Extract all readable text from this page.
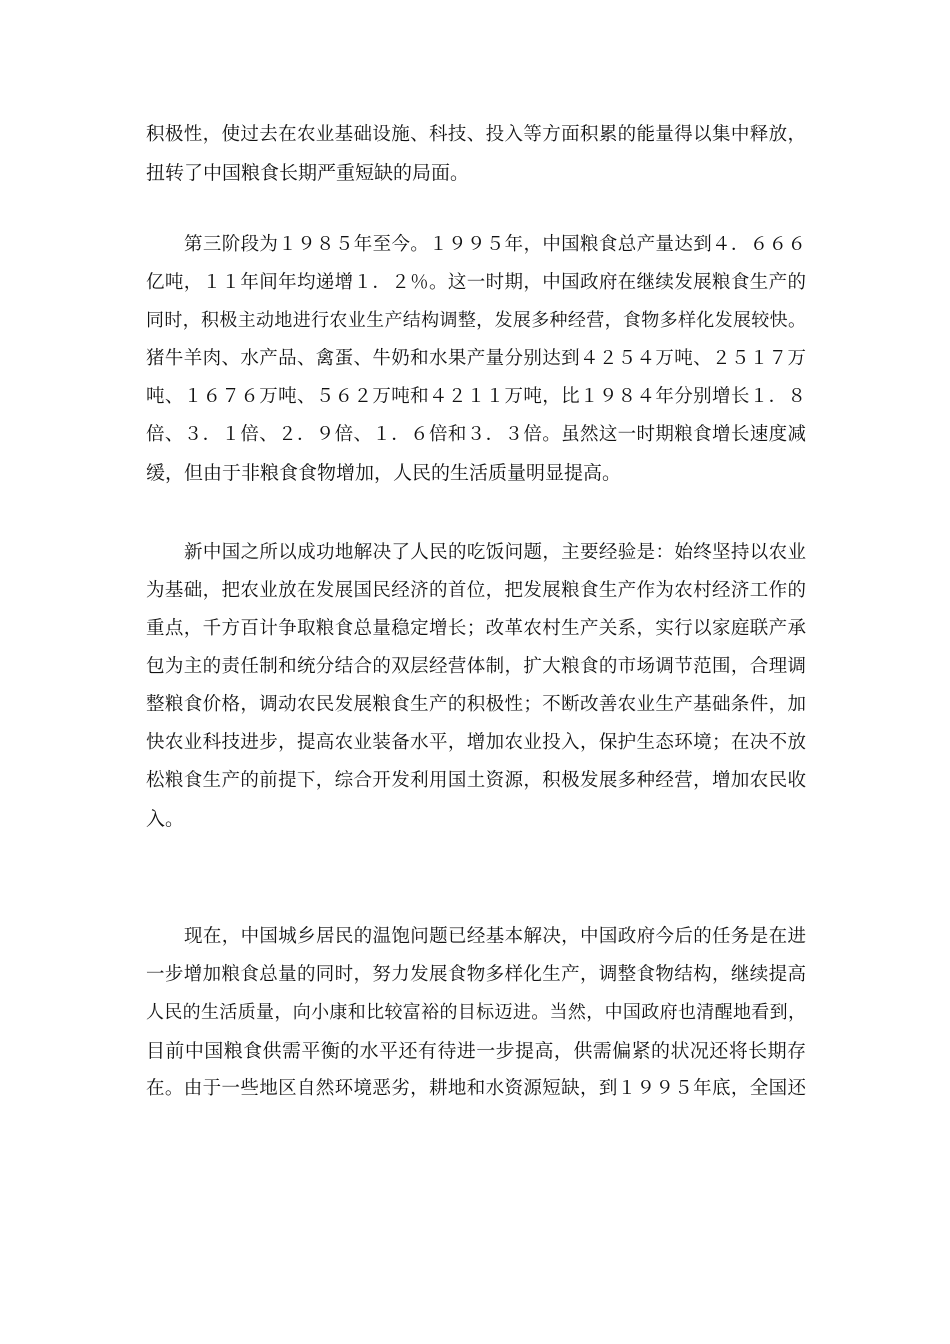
积极性，使过去在农业基础设施、科技、投入等方面积累的能量得以集中释放，
扭转了中国粮食长期严重短缺的局面。
第三阶段为１９８５年至今。１９９５年，中国粮食总产量达到４．６６６
亿吨，１１年间年均递增１．２％。这一时期，中国政府在继续发展粮食生产的
同时，积极主动地进行农业生产结构调整，发展多种经营，食物多样化发展较快。
猪牛羊肉、水产品、禽蛋、牛奶和水果产量分别达到４２５４万吨、２５１７万
吨、１６７６万吨、５６２万吨和４２１１万吨，比１９８４年分别增长１．８
倍、３．１倍、２．９倍、１．６倍和３．３倍。虽然这一时期粮食增长速度减
缓，但由于非粮食食物增加，人民的生活质量明显提高。
新中国之所以成功地解决了人民的吃饭问题，主要经验是：始终坚持以农业
为基础，把农业放在发展国民经济的首位，把发展粮食生产作为农村经济工作的
重点，千方百计争取粮食总量稳定增长；改革农村生产关系，实行以家庭联产承
包为主的责任制和统分结合的双层经营体制，扩大粮食的市场调节范围，合理调
整粮食价格，调动农民发展粮食生产的积极性；不断改善农业生产基础条件，加
快农业科技进步，提高农业装备水平，增加农业投入，保护生态环境；在决不放
松粮食生产的前提下，综合开发利用国土资源，积极发展多种经营，增加农民收
入。
现在，中国城乡居民的温饱问题已经基本解决，中国政府今后的任务是在进
一步增加粮食总量的同时，努力发展食物多样化生产，调整食物结构，继续提高
人民的生活质量，向小康和比较富裕的目标迈进。当然，中国政府也清醒地看到，
目前中国粮食供需平衡的水平还有待进一步提高，供需偏紧的状况还将长期存
在。由于一些地区自然环境恶劣，耕地和水资源短缺，到１９９５年底，全国还
